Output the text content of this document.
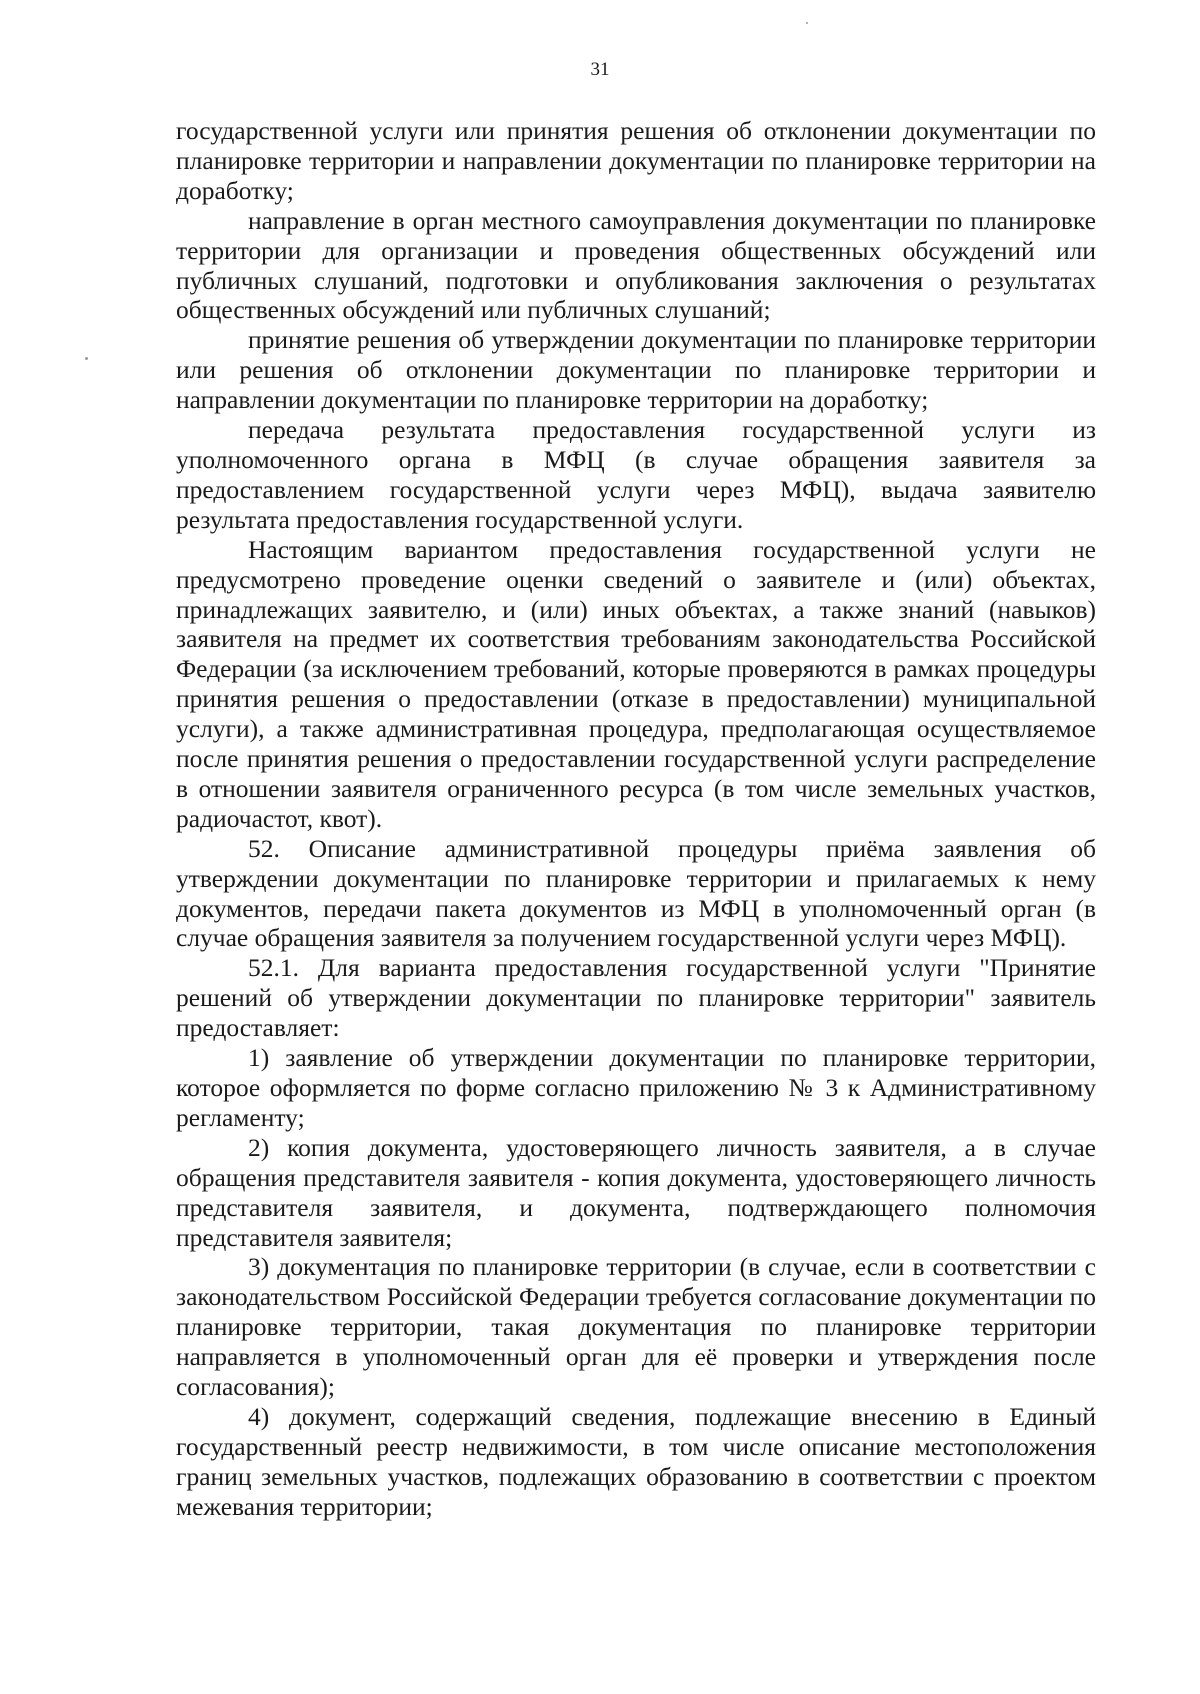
31

государственной услуги или принятия решения об отклонении документации по планировке территории и направлении документации по планировке территории на доработку;

направление в орган местного самоуправления документации по планировке территории для организации и проведения общественных обсуждений или публичных слушаний, подготовки и опубликования заключения о результатах общественных обсуждений или публичных слушаний;

принятие решения об утверждении документации по планировке территории или решения об отклонении документации по планировке территории и направлении документации по планировке территории на доработку;

передача результата предоставления государственной услуги из уполномоченного органа в МФЦ (в случае обращения заявителя за предоставлением государственной услуги через МФЦ), выдача заявителю результата предоставления государственной услуги.

Настоящим вариантом предоставления государственной услуги не предусмотрено проведение оценки сведений о заявителе и (или) объектах, принадлежащих заявителю, и (или) иных объектах, а также знаний (навыков) заявителя на предмет их соответствия требованиям законодательства Российской Федерации (за исключением требований, которые проверяются в рамках процедуры принятия решения о предоставлении (отказе в предоставлении) муниципальной услуги), а также административная процедура, предполагающая осуществляемое после принятия решения о предоставлении государственной услуги распределение в отношении заявителя ограниченного ресурса (в том числе земельных участков, радиочастот, квот).

52. Описание административной процедуры приёма заявления об утверждении документации по планировке территории и прилагаемых к нему документов, передачи пакета документов из МФЦ в уполномоченный орган (в случае обращения заявителя за получением государственной услуги через МФЦ).

52.1. Для варианта предоставления государственной услуги "Принятие решений об утверждении документации по планировке территории" заявитель предоставляет:

1) заявление об утверждении документации по планировке территории, которое оформляется по форме согласно приложению № 3 к Административному регламенту;

2) копия документа, удостоверяющего личность заявителя, а в случае обращения представителя заявителя - копия документа, удостоверяющего личность представителя заявителя, и документа, подтверждающего полномочия представителя заявителя;

3) документация по планировке территории (в случае, если в соответствии с законодательством Российской Федерации требуется согласование документации по планировке территории, такая документация по планировке территории направляется в уполномоченный орган для её проверки и утверждения после согласования);

4) документ, содержащий сведения, подлежащие внесению в Единый государственный реестр недвижимости, в том числе описание местоположения границ земельных участков, подлежащих образованию в соответствии с проектом межевания территории;
